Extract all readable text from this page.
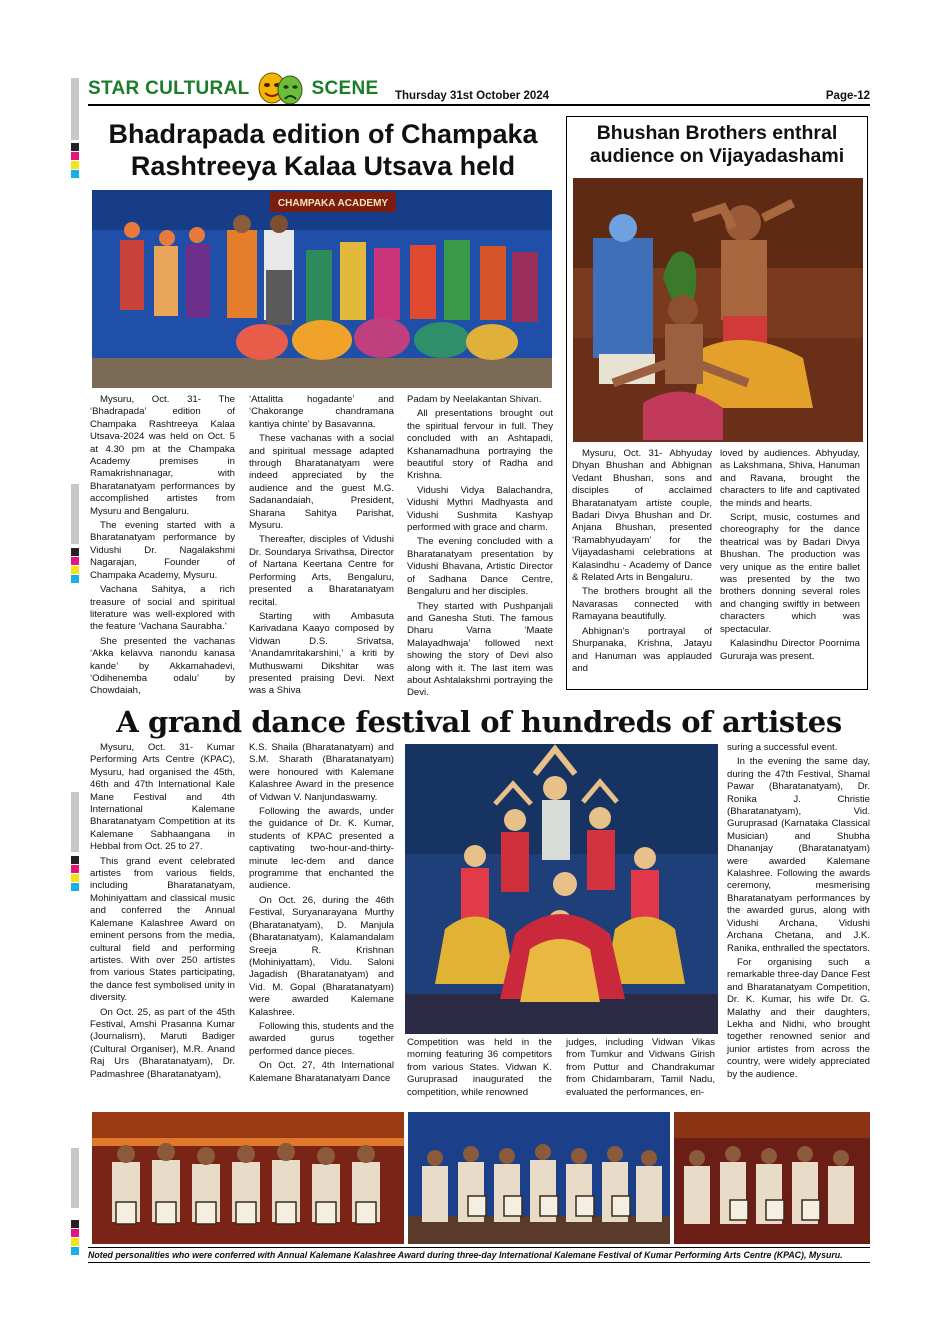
STAR CULTURAL	SCENE Thursday 31st October 2024	Page-12
Bhadrapada edition of Champaka Rashtreeya Kalaa Utsava held
CHAMPAKA ACADEMY

Mysuru, Oct. 31- The ‘Bhadrapada’ edition of Champaka Rashtreeya Kalaa Utsava-2024 was held on Oct. 5 at 4.30 pm at the Champaka Academy premises in Ramakrishnanagar, with Bharatanatyam performances by accomplished artistes from Mysuru and Bengaluru.

The evening started with a Bharatanatyam performance by Vidushi Dr. Nagalakshmi Nagarajan, Founder of Champaka Academy, Mysuru.

Vachana Sahitya, a rich treasure of social and spiritual literature was well-explored with the feature ‘Vachana Saurabha.’

She presented the vachanas ‘Akka kelavva nanondu kanasa kande’ by Akkamahadevi, ‘Odihenemba odalu’ by Chowdaiah,

‘Attalitta hogadante’ and ‘Chakorange chandramana kantiya chinte’ by Basavanna.

These vachanas with a social and spiritual message adapted through Bharatanatyam were indeed appreciated by the audience and the guest M.G. Sadanandaiah, President, Sharana Sahitya Parishat, Mysuru.

Thereafter, disciples of Vidushi Dr. Soundarya Srivathsa, Director of Nartana Keertana Centre for Performing Arts, Bengaluru, presented a Bharatanatyam recital.

Starting with Ambasuta Karivadana Kaayo composed by Vidwan D.S. Srivatsa, ‘Anandamritakarshini,’ a kriti by Muthuswami Dikshitar was presented praising Devi. Next was a Shiva

Padam by Neelakantan Shivan.

All presentations brought out the spiritual fervour in full. They concluded with an Ashtapadi, Kshanamadhuna portraying the beautiful story of Radha and Krishna.

Vidushi Vidya Balachandra, Vidushi Mythri Madhyasta and Vidushi Sushmita Kashyap performed with grace and charm.

The evening concluded with a Bharatanatyam presentation by Vidushi Bhavana, Artistic Director of Sadhana Dance Centre, Bengaluru and her disciples.

They started with Pushpanjali and Ganesha Stuti. The famous Dharu Varna ‘Maate Malayadhwaja’ followed next showing the story of Devi also along with it. The last item was about Ashtalakshmi portraying the Devi.

Bhushan Brothers enthral audience on Vijayadashami

Mysuru, Oct. 31- Abhyuday Dhyan Bhushan and Abhignan Vedant Bhushan, sons and disciples of acclaimed Bharatanatyam artiste couple, Badari Divya Bhushan and Dr. Anjana Bhushan, presented ‘Ramabhyudayam’ for the Vijayadashami celebrations at Kalasindhu - Academy of Dance & Related Arts in Bengaluru.

The brothers brought all the Navarasas connected with Ramayana beautifully.

Abhignan’s portrayal of Shurpanaka, Krishna, Jatayu and Hanuman was applauded and

loved by audiences. Abhyuday, as Lakshmana, Shiva, Hanuman and Ravana, brought the characters to life and captivated the minds and hearts.

Script, music, costumes and choreography for the dance theatrical was by Badari Divya Bhushan. The production was very unique as the entire ballet was presented by the two brothers donning several roles and changing swiftly in between characters which was spectacular.

Kalasindhu Director Poornima Gururaja was present.

A grand dance festival of hundreds of artistes

Mysuru, Oct. 31- Kumar Performing Arts Centre (KPAC), Mysuru, had organised the 45th, 46th and 47th International Kale Mane Festival and 4th International Kalemane Bharatanatyam Competition at its Kalemane Sabhaangana in Hebbal from Oct. 25 to 27.

This grand event celebrated artistes from various fields, including Bharatanatyam, Mohiniyattam and classical music and conferred the Annual Kalemane Kalashree Award on eminent persons from the media, cultural field and performing artistes. With over 250 artistes from various States participating, the dance fest symbolised unity in diversity.

On Oct. 25, as part of the 45th Festival, Amshi Prasanna Kumar (Journalism), Maruti Badiger (Cultural Organiser), M.R. Anand Raj Urs (Bharatanatyam), Dr. Padmashree (Bharatanatyam),

K.S. Shaila (Bharatanatyam) and S.M. Sharath (Bharatanatyam) were honoured with Kalemane Kalashree Award in the presence of Vidwan V. Nanjundaswamy.

Following the awards, under the guidance of Dr. K. Kumar, students of KPAC presented a captivating two-hour-and-thirty-minute lec-dem and dance programme that enchanted the audience.

On Oct. 26, during the 46th Festival, Suryanarayana Murthy (Bharatanatyam), D. Manjula (Bharatanatyam), Kalamandalam Sreeja R. Krishnan (Mohiniyattam), Vidu. Saloni Jagadish (Bharatanatyam) and Vid. M. Gopal (Bharatanatyam) were awarded Kalemane Kalashree.

Following this, students and the awarded gurus together performed dance pieces.

On Oct. 27, 4th International Kalemane Bharatanatyam Dance

Competition was held in the morning featuring 36 competitors from various States. Vidwan K. Guruprasad inaugurated the competition, while renowned

judges, including Vidwan Vikas from Tumkur and Vidwans Girish from Puttur and Chandrakumar from Chidambaram, Tamil Nadu, evaluated the performances, en-

suring a successful event.

In the evening the same day, during the 47th Festival, Shamal Pawar (Bharatanatyam), Dr. Ronika J. Christie (Bharatanatyam), Vid. Guruprasad (Karnataka Classical Musician) and Shubha Dhananjay (Bharatanatyam) were awarded Kalemane Kalashree. Following the awards ceremony, mesmerising Bharatanatyam performances by the awarded gurus, along with Vidushi Archana, Vidushi Archana Chetana, and J.K. Ranika, enthralled the spectators.

For organising such a remarkable three-day Dance Fest and Bharatanatyam Competition, Dr. K. Kumar, his wife Dr. G. Malathy and their daughters, Lekha and Nidhi, who brought together renowned senior and junior artistes from across the country, were widely appreciated by the audience.

Noted personalities who were conferred with Annual Kalemane Kalashree Award during three-day International Kalemane Festival of Kumar Performing Arts Centre (KPAC), Mysuru.
